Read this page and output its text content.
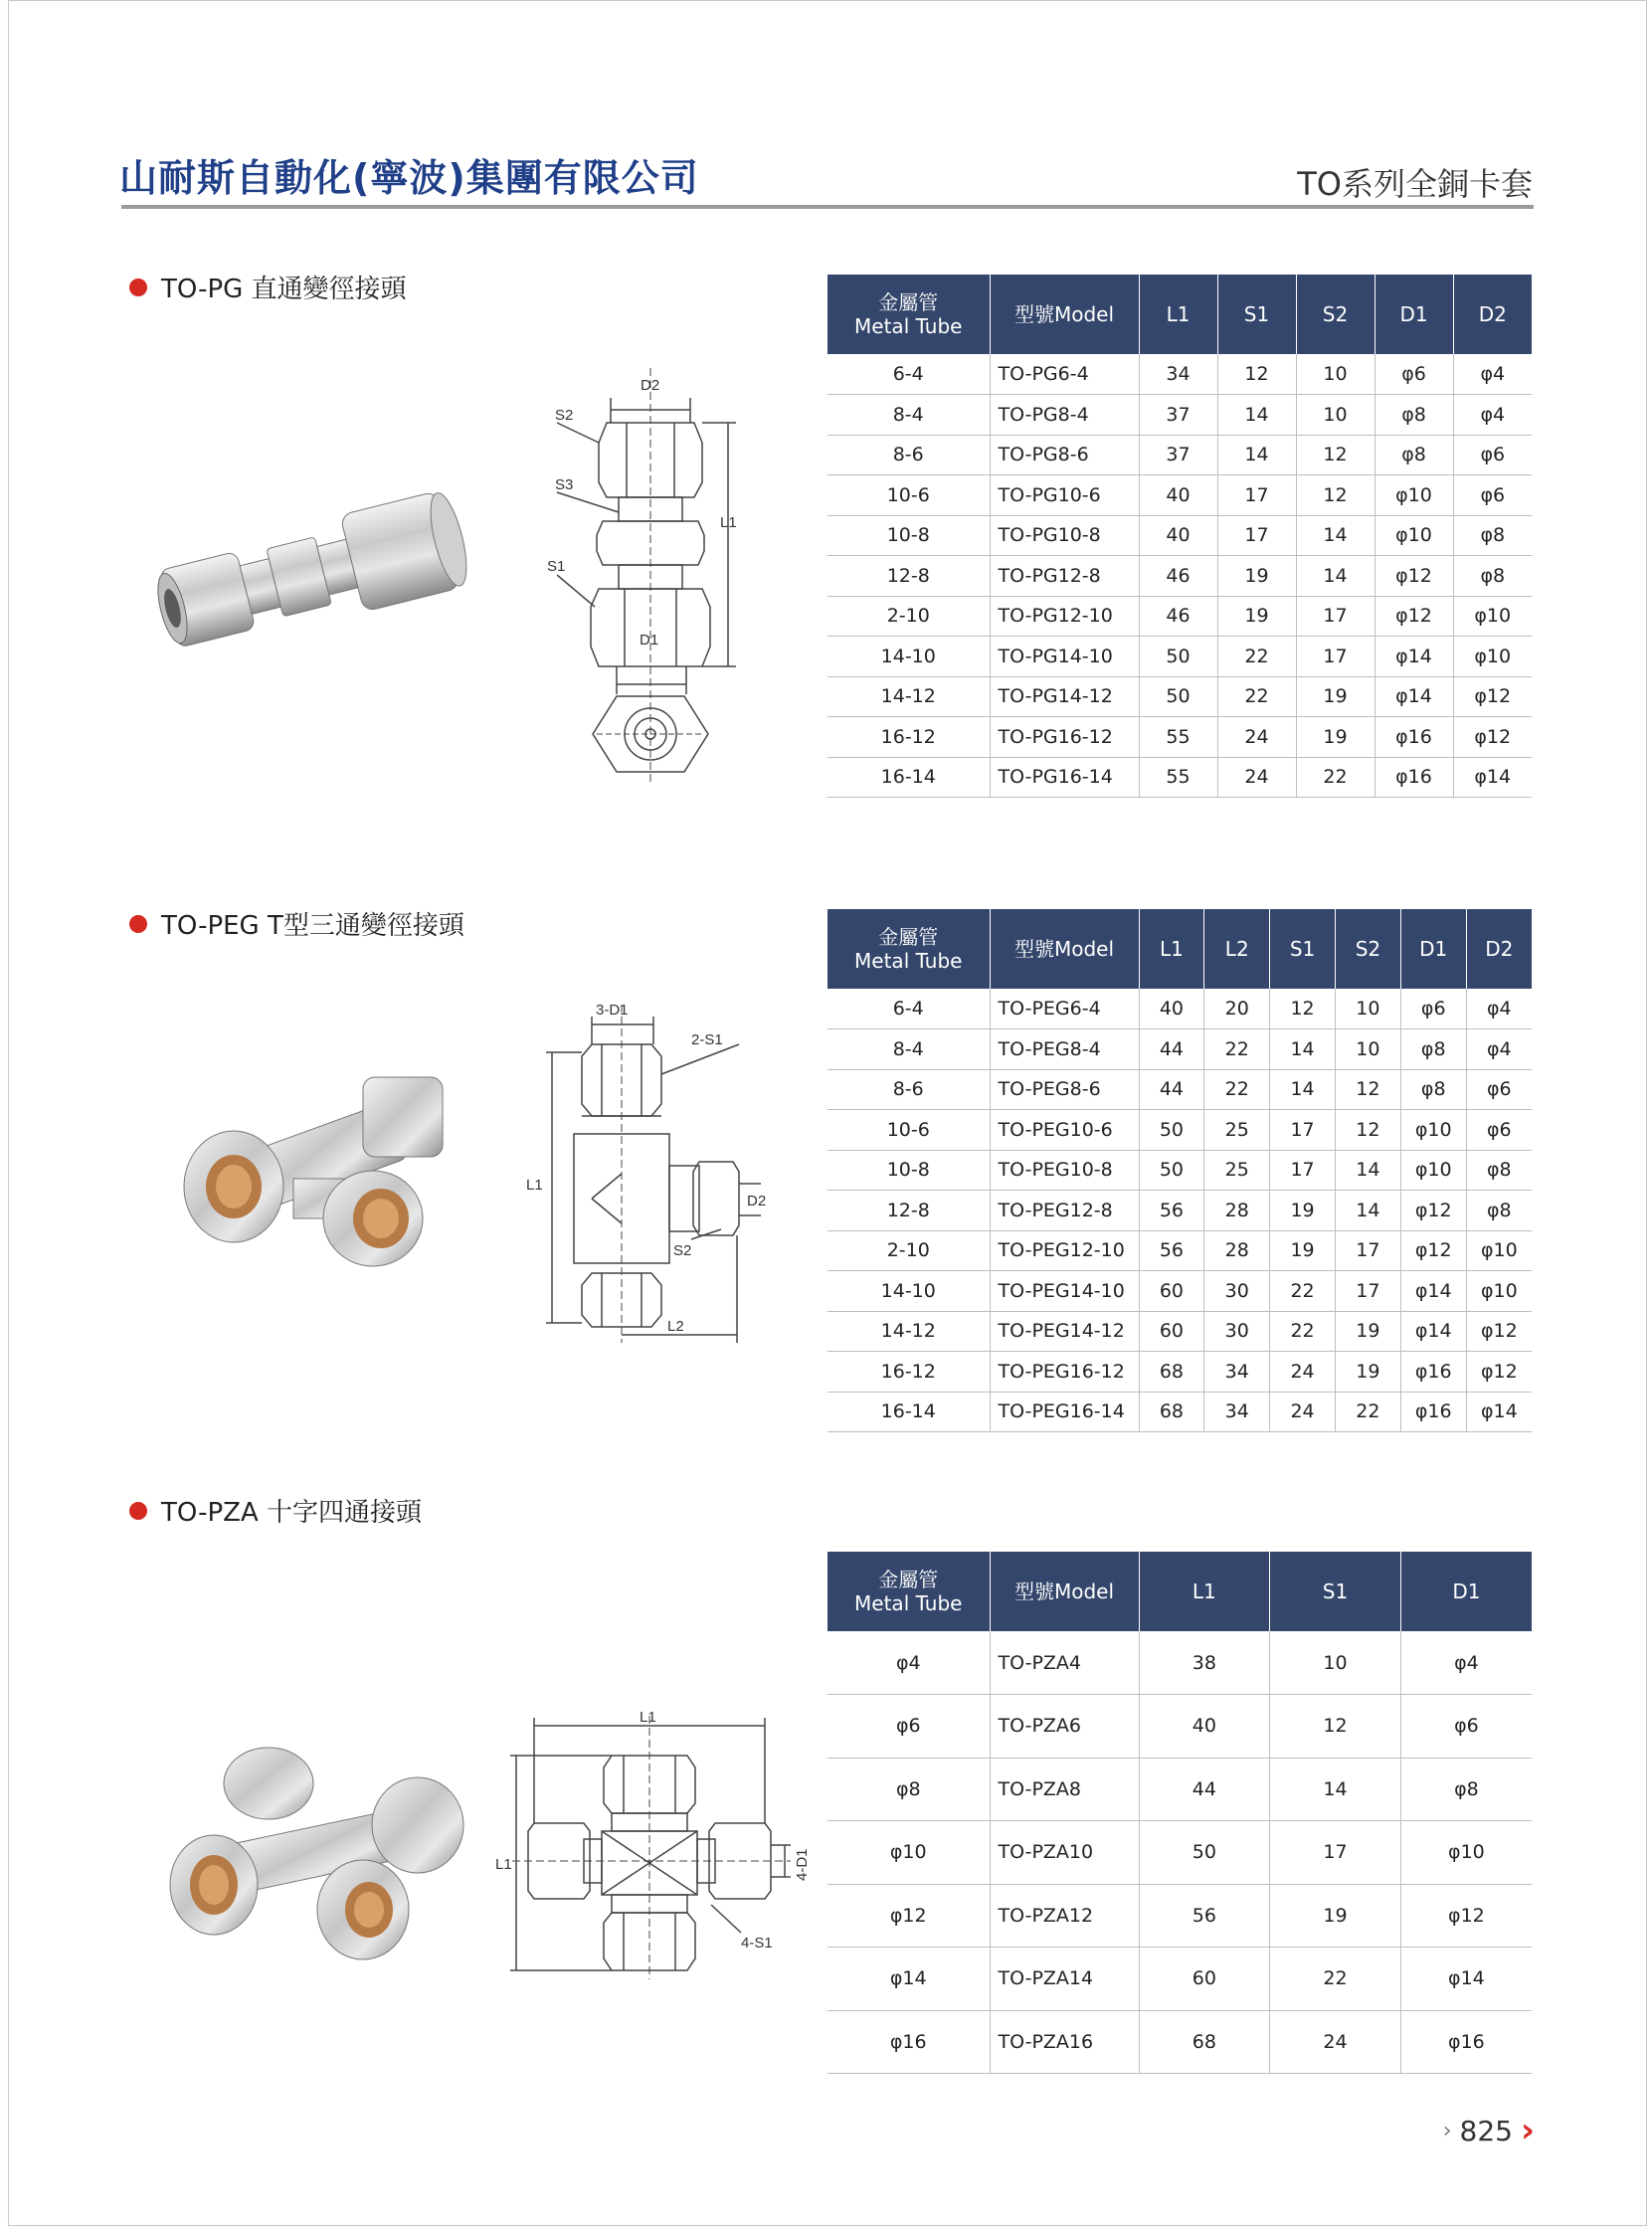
山耐斯自動化(寧波)集團有限公司	TO系列全銅卡套
TO-PG 直通變徑接頭
D2
S2
S3
S1
L1
D1
金屬管
Metal Tube	型號Model	L1	S1	S2	D1	D2
6-4	TO-PG6-4	34	12	10	φ6	φ4
8-4	TO-PG8-4	37	14	10	φ8	φ4
8-6	TO-PG8-6	37	14	12	φ8	φ6
10-6	TO-PG10-6	40	17	12	φ10	φ6
10-8	TO-PG10-8	40	17	14	φ10	φ8
12-8	TO-PG12-8	46	19	14	φ12	φ8
2-10	TO-PG12-10	46	19	17	φ12	φ10
14-10	TO-PG14-10	50	22	17	φ14	φ10
14-12	TO-PG14-12	50	22	19	φ14	φ12
16-12	TO-PG16-12	55	24	19	φ16	φ12
16-14	TO-PG16-14	55	24	22	φ16	φ14
TO-PEG T型三通變徑接頭
3-D1
2-S1
L1
D2
S2
L2
金屬管
Metal Tube	型號Model	L1	L2	S1	S2	D1	D2
6-4	TO-PEG6-4	40	20	12	10	φ6	φ4
8-4	TO-PEG8-4	44	22	14	10	φ8	φ4
8-6	TO-PEG8-6	44	22	14	12	φ8	φ6
10-6	TO-PEG10-6	50	25	17	12	φ10	φ6
10-8	TO-PEG10-8	50	25	17	14	φ10	φ8
12-8	TO-PEG12-8	56	28	19	14	φ12	φ8
2-10	TO-PEG12-10	56	28	19	17	φ12	φ10
14-10	TO-PEG14-10	60	30	22	17	φ14	φ10
14-12	TO-PEG14-12	60	30	22	19	φ14	φ12
16-12	TO-PEG16-12	68	34	24	19	φ16	φ12
16-14	TO-PEG16-14	68	34	24	22	φ16	φ14
TO-PZA 十字四通接頭
L1
L1	4-D1
4-S1
金屬管
Metal Tube	型號Model	L1	S1	D1
φ4	TO-PZA4	38	10	φ4
φ6	TO-PZA6	40	12	φ6
φ8	TO-PZA8	44	14	φ8
φ10	TO-PZA10	50	17	φ10
φ12	TO-PZA12	56	19	φ12
φ14	TO-PZA14	60	22	φ14
φ16	TO-PZA16	68	24	φ16
› 825 ›
